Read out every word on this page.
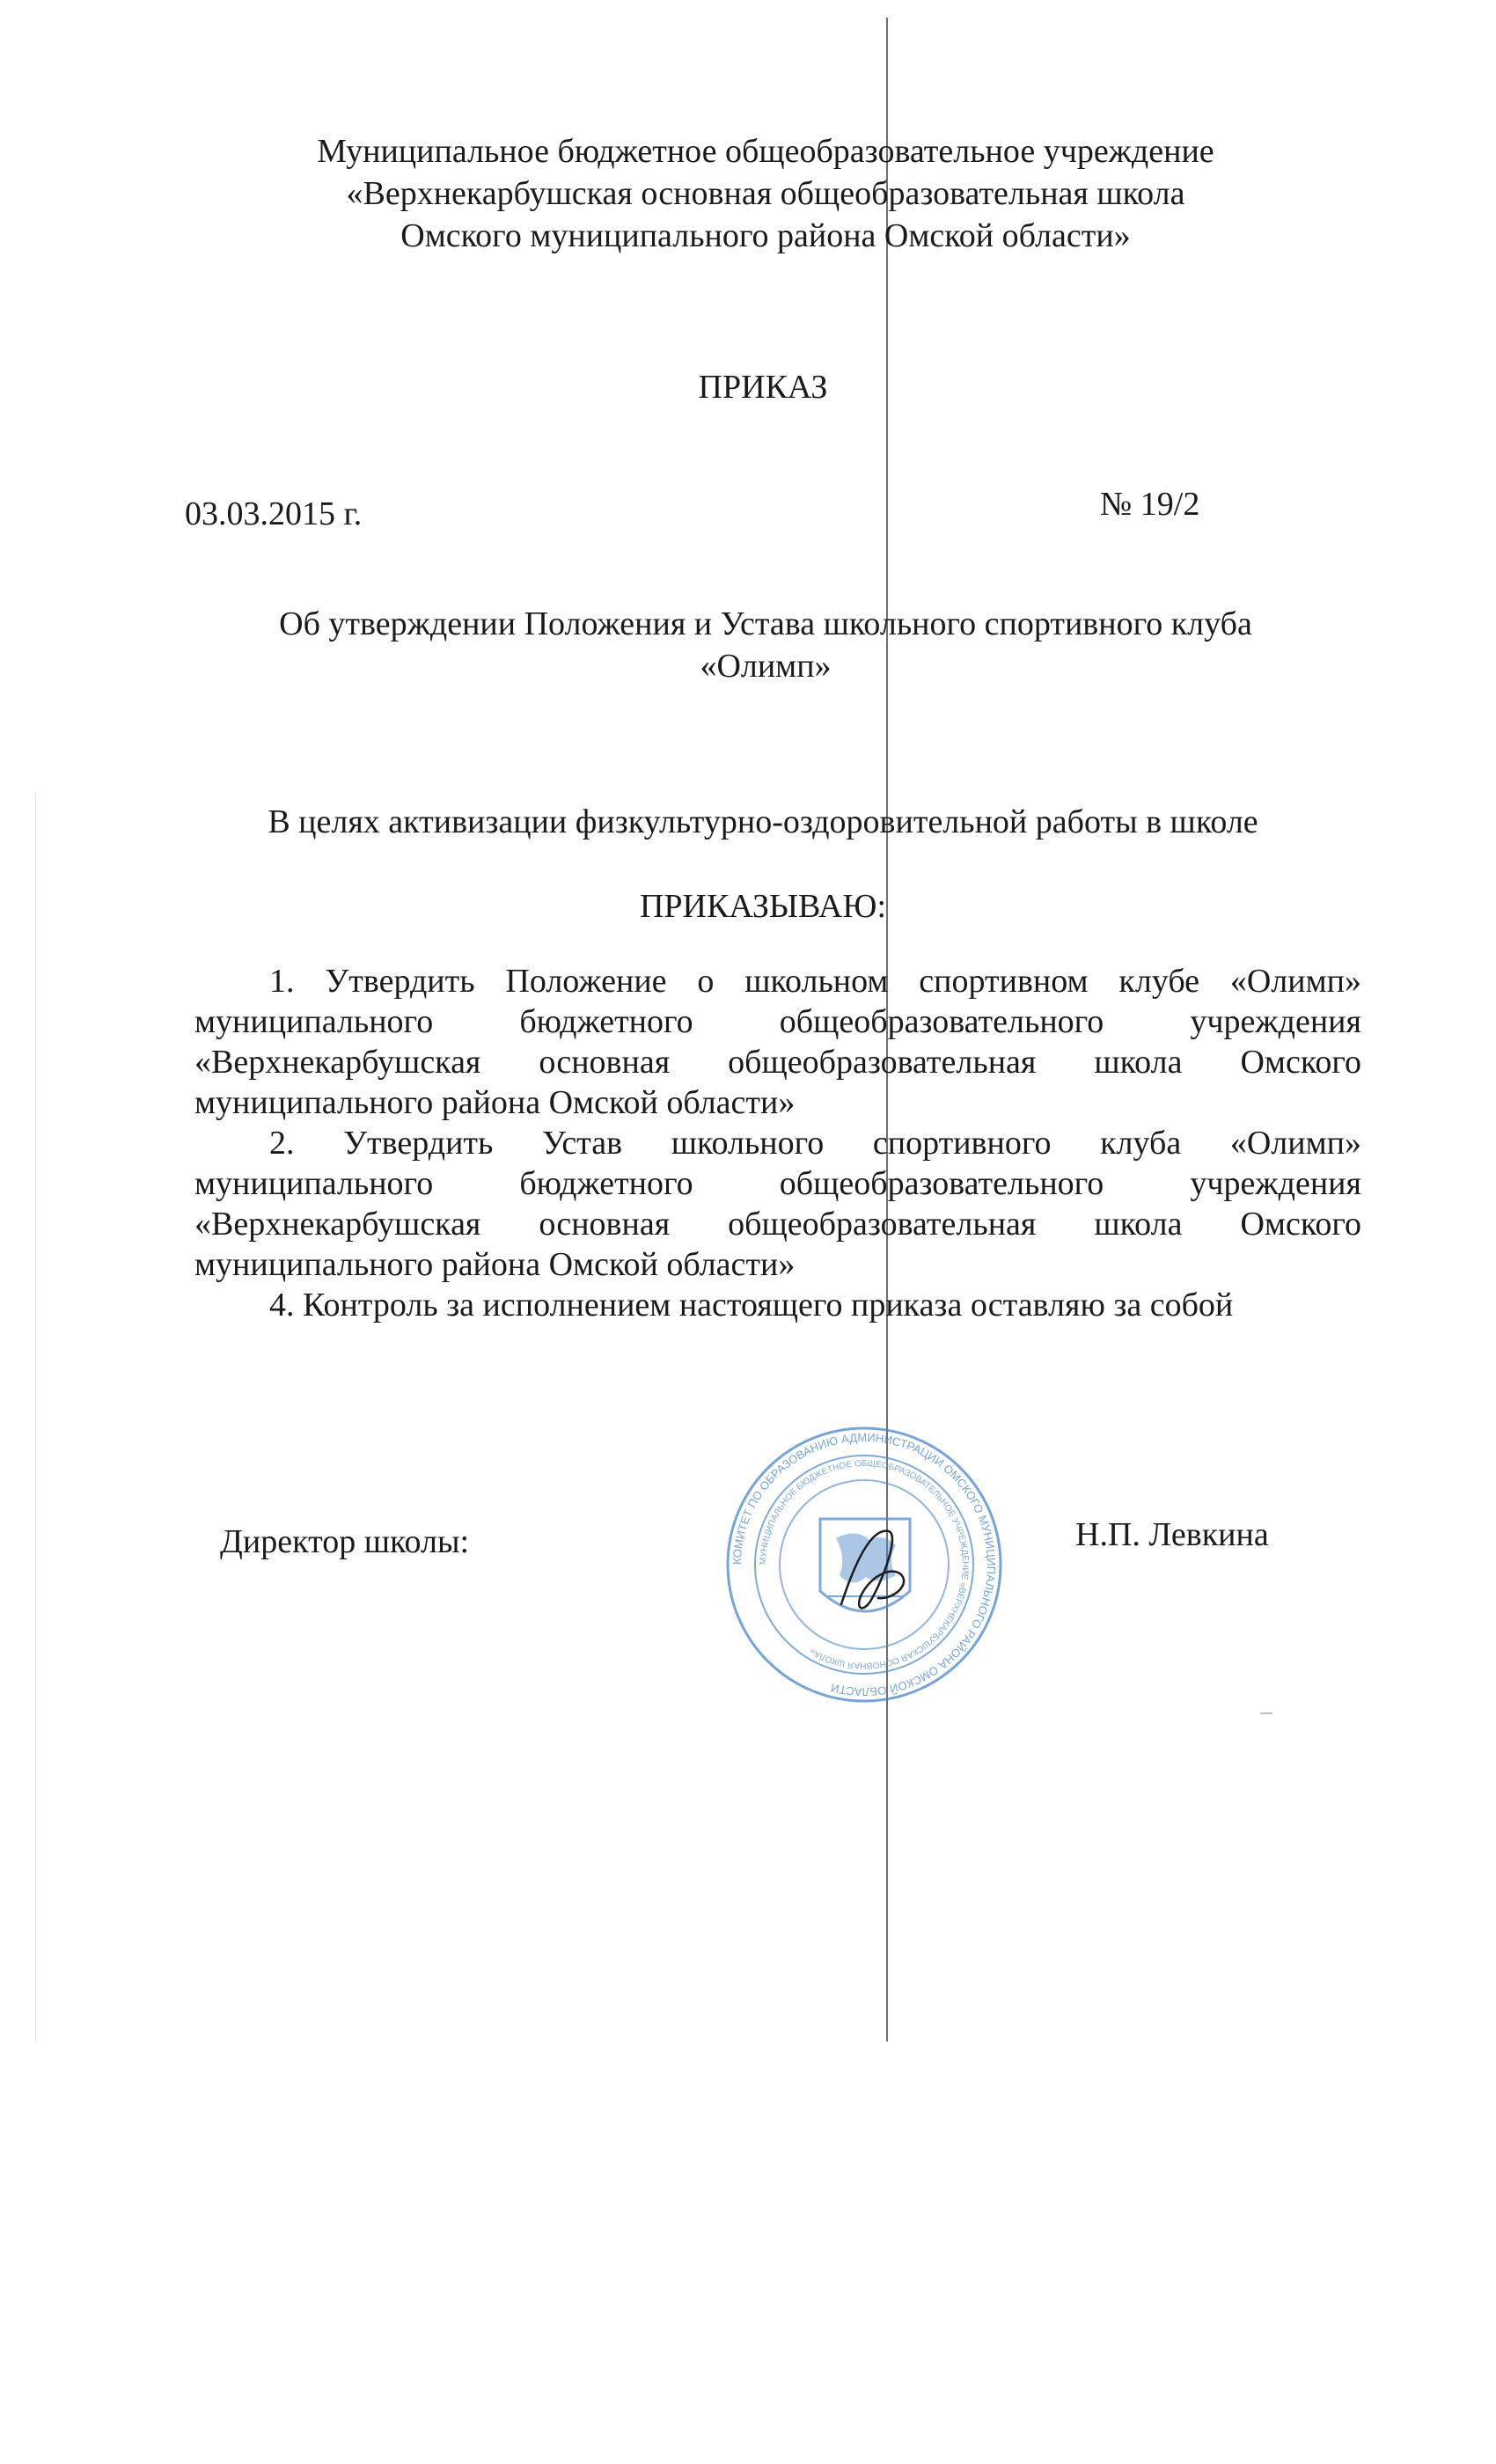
Муниципальное бюджетное общеобразовательное учреждение
«Верхнекарбушская основная общеобразовательная школа
Омского муниципального района Омской области»
ПРИКАЗ
03.03.2015 г.	№ 19/2
Об утверждении Положения и Устава школьного спортивного клуба
«Олимп»
В целях активизации физкультурно-оздоровительной работы в школе
ПРИКАЗЫВАЮ:

1. Утвердить Положение о школьном спортивном клубе «Олимп» муниципального бюджетного общеобразовательного учреждения «Верхнекарбушская основная общеобразовательная школа Омского муниципального района Омской области»

2. Утвердить Устав школьного спортивного клуба «Олимп» муниципального бюджетного общеобразовательного учреждения «Верхнекарбушская основная общеобразовательная школа Омского муниципального района Омской области»

4. Контроль за исполнением настоящего приказа оставляю за собой

Директор школы:	Н.П. Левкина
КОМИТЕТ ПО ОБРАЗОВАНИЮ АДМИНИСТРАЦИИ ОМСКОГО МУНИЦИПАЛЬНОГО РАЙОНА ОМСКОЙ ОБЛАСТИ
МУНИЦИПАЛЬНОЕ БЮДЖЕТНОЕ ОБЩЕОБРАЗОВАТЕЛЬНОЕ УЧРЕЖДЕНИЕ «ВЕРХНЕКАРБУШСКАЯ ОСНОВНАЯ ШКОЛА»
